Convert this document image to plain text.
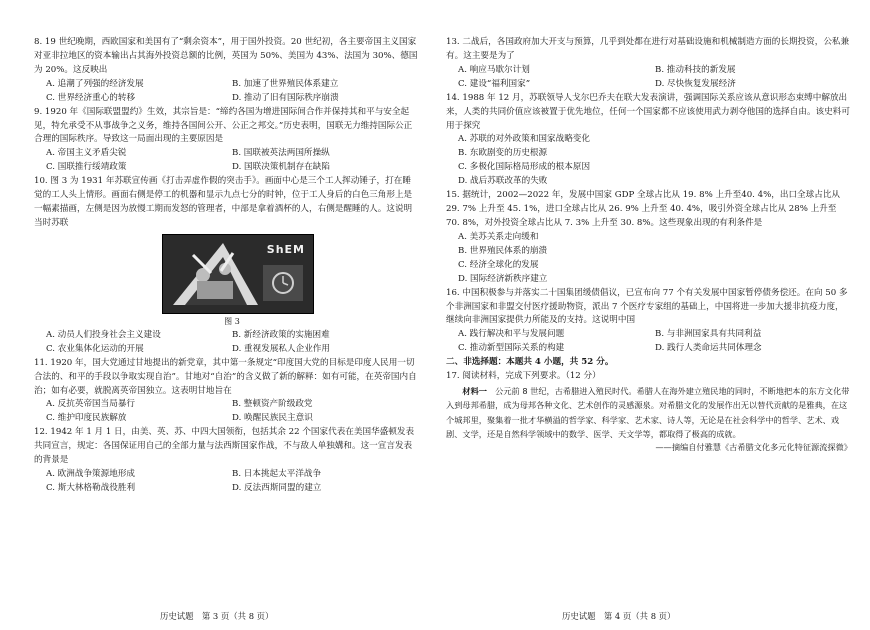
8. 19 世纪晚期，西欧国家和美国有了“剩余资本”，用于国外投资。20 世纪初，各主要帝国主义国家对亚非拉地区的资本输出占其海外投资总额的比例，英国为 50%、美国为 43%、法国为 30%、德国为 20%。这反映出
A. 追潮了列强的经济发展	B. 加速了世界殖民体系建立
C. 世界经济重心的转移	D. 推动了旧有国际秩序崩溃
9. 1920 年《国际联盟盟约》生效，其宗旨是：“缔约各国为增进国际间合作并保持其和平与安全起见，特允承受不从事战争之义务，维持各国间公开、公正之邦交。”历史表明，国联无力维持国际公正合理的国际秩序。导致这一局面出现的主要原因是
A. 帝国主义矛盾尖锐	B. 国联被英法两国所操纵
C. 国联推行绥靖政策	D. 国联决策机制存在缺陷
10. 图 3 为 1931 年苏联宣传画《打击弄虚作假的突击手》。画面中心是三个工人挥动锤子，打在睡觉的工人头上情形。画面右侧是停工的机器和显示九点七分的时钟，位于工人身后的白色三角形上是一幅素描画，左侧是因为放慢工期而发怒的管理者，中部是拿着酒杯的人，右侧是醒睡的人。这说明当时苏联
ShEM
图 3
A. 动员人们投身社会主义建设	B. 新经济政策的实施困难
C. 农业集体化运动的开展	D. 重视发展私人企业作用
11. 1920 年，国大党通过甘地提出的新党章，其中第一条规定“印度国大党的目标是印度人民用一切合法的、和平的手段以争取实现自治”。甘地对“自治”的含义做了新的解释：如有可能，在英帝国内自治；如有必要，就脱离英帝国独立。这表明甘地旨在
A. 反抗英帝国当局暴行	B. 整顿资产阶级政党
C. 维护印度民族解放	D. 唤醒民族民主意识
12. 1942 年 1 月 1 日，由美、英、苏、中四大国领衔，包括其余 22 个国家代表在美国华盛顿发表共同宣言，规定：各国保证用自己的全部力量与法西斯国家作战，不与敌人单独媾和。这一宣言发表的背景是
A. 欧洲战争策源地形成	B. 日本挑起太平洋战争
C. 斯大林格勒战役胜利	D. 反法西斯同盟的建立
历史试题　第 3 页（共 8 页）
13. 二战后，各国政府加大开支与预算，几乎到处都在进行对基础设施和机械制造方面的长期投资，公私兼有。这主要是为了
A. 响应马歇尔计划	B. 推动科技的新发展
C. 建设“福利国家”	D. 尽快恢复发展经济
14. 1988 年 12 月，苏联领导人戈尔巴乔夫在联大发表演讲，强调国际关系应该从意识形态束缚中解放出来，人类的共同价值应该被置于优先地位，任何一个国家都不应该使用武力剥夺他国的选择自由。该史料可用于探究
A. 苏联的对外政策和国家战略变化
B. 东欧剧变的历史根源
C. 多极化国际格局形成的根本原因
D. 战后苏联改革的失败
15. 据统计，2002—2022 年，发展中国家 GDP 全球占比从 19. 8% 上升至40. 4%，出口全球占比从 29. 7% 上升至 45. 1%，进口全球占比从 26. 9% 上升至 40. 4%，吸引外资全球占比从 28% 上升至 70. 8%，对外投资全球占比从 7. 3% 上升至 30. 8%。这些现象出现的有利条件是
A. 美苏关系走向缓和
B. 世界殖民体系的崩溃
C. 经济全球化的发展
D. 国际经济新秩序建立
16. 中国积极参与并落实二十国集团缓债倡议，已宣布向 77 个有关发展中国家暂停债务偿还。在向 50 多个非洲国家和非盟交付医疗援助物资，派出 7 个医疗专家组的基础上，中国将进一步加大援非抗疫力度，继续向非洲国家提供力所能及的支持。这说明中国
A. 践行解决和平与发展问题	B. 与非洲国家具有共同利益
C. 推动新型国际关系的构建	D. 践行人类命运共同体理念
二、非选择题：本题共 4 小题，共 52 分。
17. 阅读材料，完成下列要求。（12 分）
材料一　 公元前 8 世纪，古希腊进入殖民时代。希腊人在海外建立殖民地的同时，不断地把本的东方文化带入到母邦希腊，成为母邦各种文化、艺术创作的灵感源泉。对希腊文化的发展作出无以替代贡献的是雅典，在这个城邦里，聚集着一批才华横溢的哲学家、科学家、艺术家、诗人等，无论是在社会科学中的哲学、艺术、戏剧、文学，还是自然科学领域中的数学、医学、天文学等，都取得了极高的成就。
——摘编自付雅慧《古希腊文化多元化特征源流探微》
历史试题　第 4 页（共 8 页）
